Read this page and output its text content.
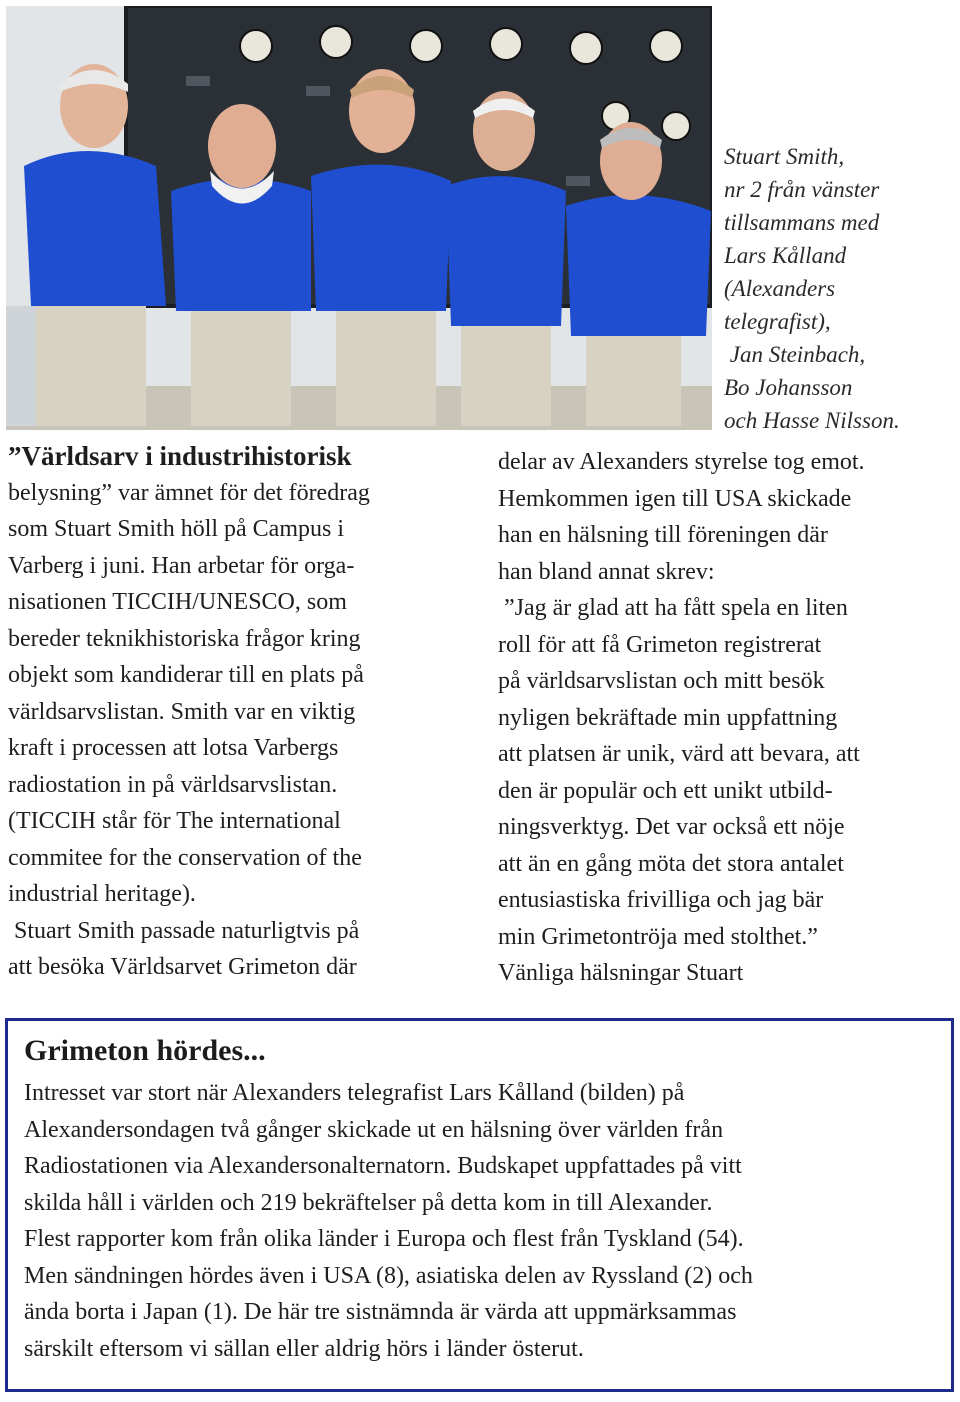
Stuart Smith,
nr 2 från vänster
tillsammans med
Lars Kålland
(Alexanders
telegrafist),
Jan Steinbach,
Bo Johansson
och Hasse Nilsson.
”Världsarv i industrihistorisk
belysning” var ämnet för det föredrag
som Stuart Smith höll på Campus i
Varberg i juni. Han arbetar för orga-
nisationen TICCIH/UNESCO, som
bereder teknikhistoriska frågor kring
objekt som kandiderar till en plats på
världsarvslistan. Smith var en viktig
kraft i processen att lotsa Varbergs
radiostation in på världsarvslistan.
(TICCIH står för The international
commitee for the conservation of the
industrial heritage).
Stuart Smith passade naturligtvis på
att besöka Världsarvet Grimeton där
delar av Alexanders styrelse tog emot.
Hemkommen igen till USA skickade
han en hälsning till föreningen där
han bland annat skrev:
”Jag är glad att ha fått spela en liten
roll för att få Grimeton registrerat
på världsarvslistan och mitt besök
nyligen bekräftade min uppfattning
att platsen är unik, värd att bevara, att
den är populär och ett unikt utbild-
ningsverktyg. Det var också ett nöje
att än en gång möta det stora antalet
entusiastiska frivilliga och jag bär
min Grimetontröja med stolthet.”
Vänliga hälsningar Stuart
Grimeton hördes...
Intresset var stort när Alexanders telegrafist Lars Kålland (bilden) på
Alexandersondagen två gånger skickade ut en hälsning över världen från
Radiostationen via Alexandersonalternatorn. Budskapet uppfattades på vitt
skilda håll i världen och 219 bekräftelser på detta kom in till Alexander.
Flest rapporter kom från olika länder i Europa och flest från Tyskland (54).
Men sändningen hördes även i USA (8), asiatiska delen av Ryssland (2) och
ända borta i Japan (1). De här tre sistnämnda är värda att uppmärksammas
särskilt eftersom vi sällan eller aldrig hörs i länder österut.
